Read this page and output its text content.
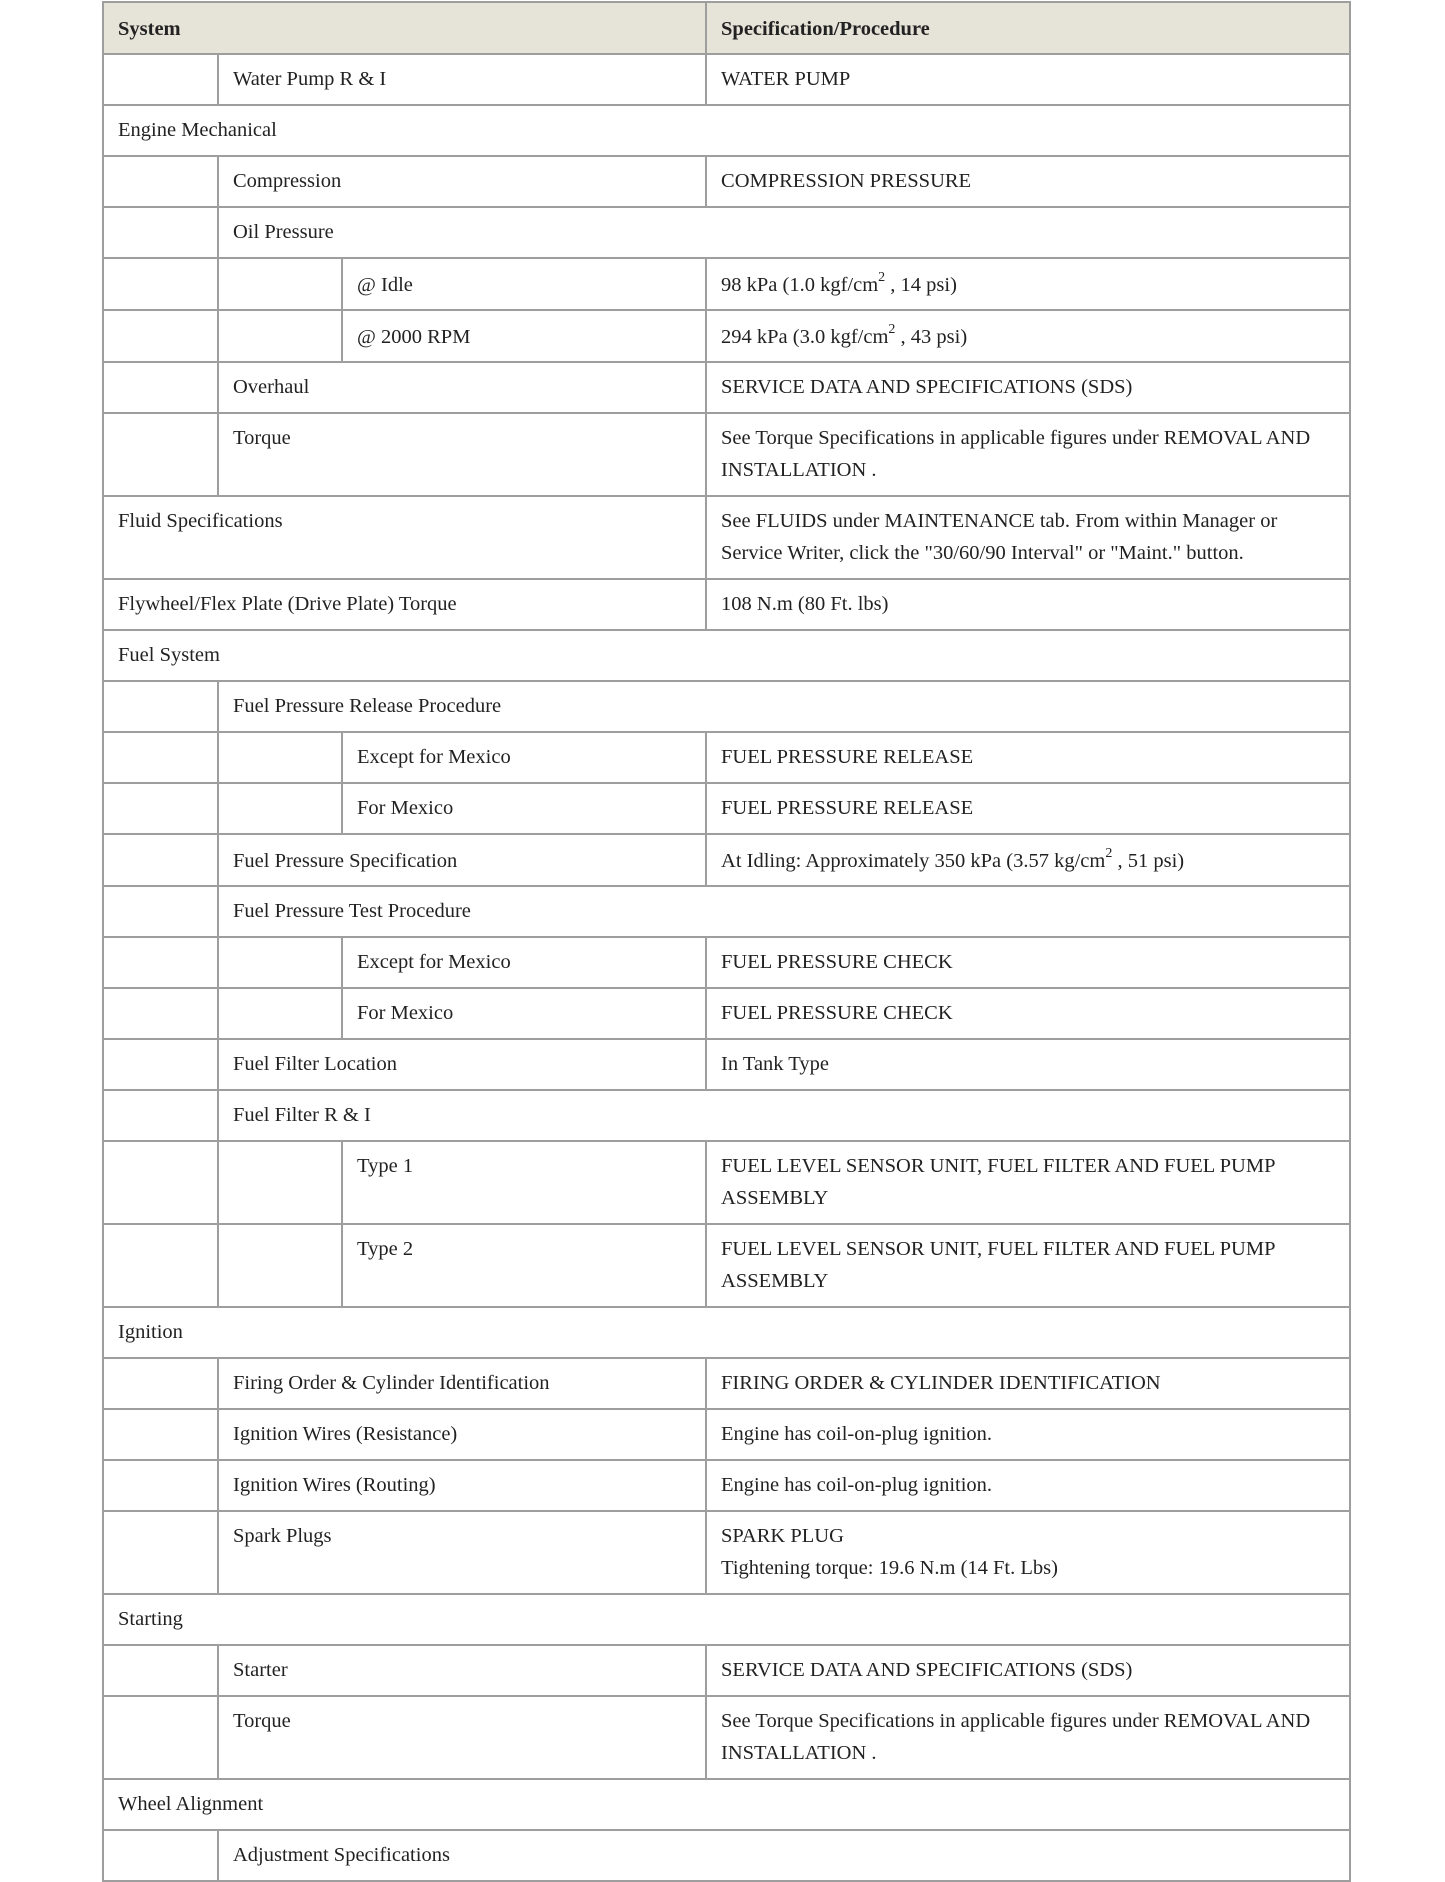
System			Specification/Procedure
	Water Pump R & I		WATER PUMP
Engine Mechanical			
	Compression		COMPRESSION PRESSURE
	Oil Pressure		
		@ Idle	98 kPa (1.0 kgf/$cm^2$ , 14 psi)
		@ 2000 RPM	294 kPa (3.0 kgf/$cm^2$ , 43 psi)
	Overhaul		SERVICE DATA AND SPECIFICATIONS (SDS)
	Torque		See Torque Specifications in applicable figures under REMOVAL AND INSTALLATION .
Fluid Specifications			See FLUIDS under MAINTENANCE tab. From within Manager or Service Writer, click the "30/60/90 Interval" or "Maint." button.
Flywheel/Flex Plate (Drive Plate) Torque			108 N.m (80 Ft. lbs)
Fuel System			
	Fuel Pressure Release Procedure		
		Except for Mexico	FUEL PRESSURE RELEASE
		For Mexico	FUEL PRESSURE RELEASE
	Fuel Pressure Specification		At Idling: Approximately 350 kPa (3.57 $kg/cm^2$ , 51 psi)
	Fuel Pressure Test Procedure		
		Except for Mexico	FUEL PRESSURE CHECK
		For Mexico	FUEL PRESSURE CHECK
	Fuel Filter Location		In Tank Type
	Fuel Filter R & I		
		Type 1	FUEL LEVEL SENSOR UNIT, FUEL FILTER AND FUEL PUMP ASSEMBLY
		Type 2	FUEL LEVEL SENSOR UNIT, FUEL FILTER AND FUEL PUMP ASSEMBLY
Ignition			
	Firing Order & Cylinder Identification		FIRING ORDER & CYLINDER IDENTIFICATION
	Ignition Wires (Resistance)		Engine has coil-on-plug ignition.
	Ignition Wires (Routing)		Engine has coil-on-plug ignition.
	Spark Plugs		SPARK PLUG
Tightening torque: 19.6 N.m (14 Ft. Lbs)

Starting			
	Starter		SERVICE DATA AND SPECIFICATIONS (SDS)
	Torque		See Torque Specifications in applicable figures under REMOVAL AND INSTALLATION .
Wheel Alignment			
	Adjustment Specifications		
